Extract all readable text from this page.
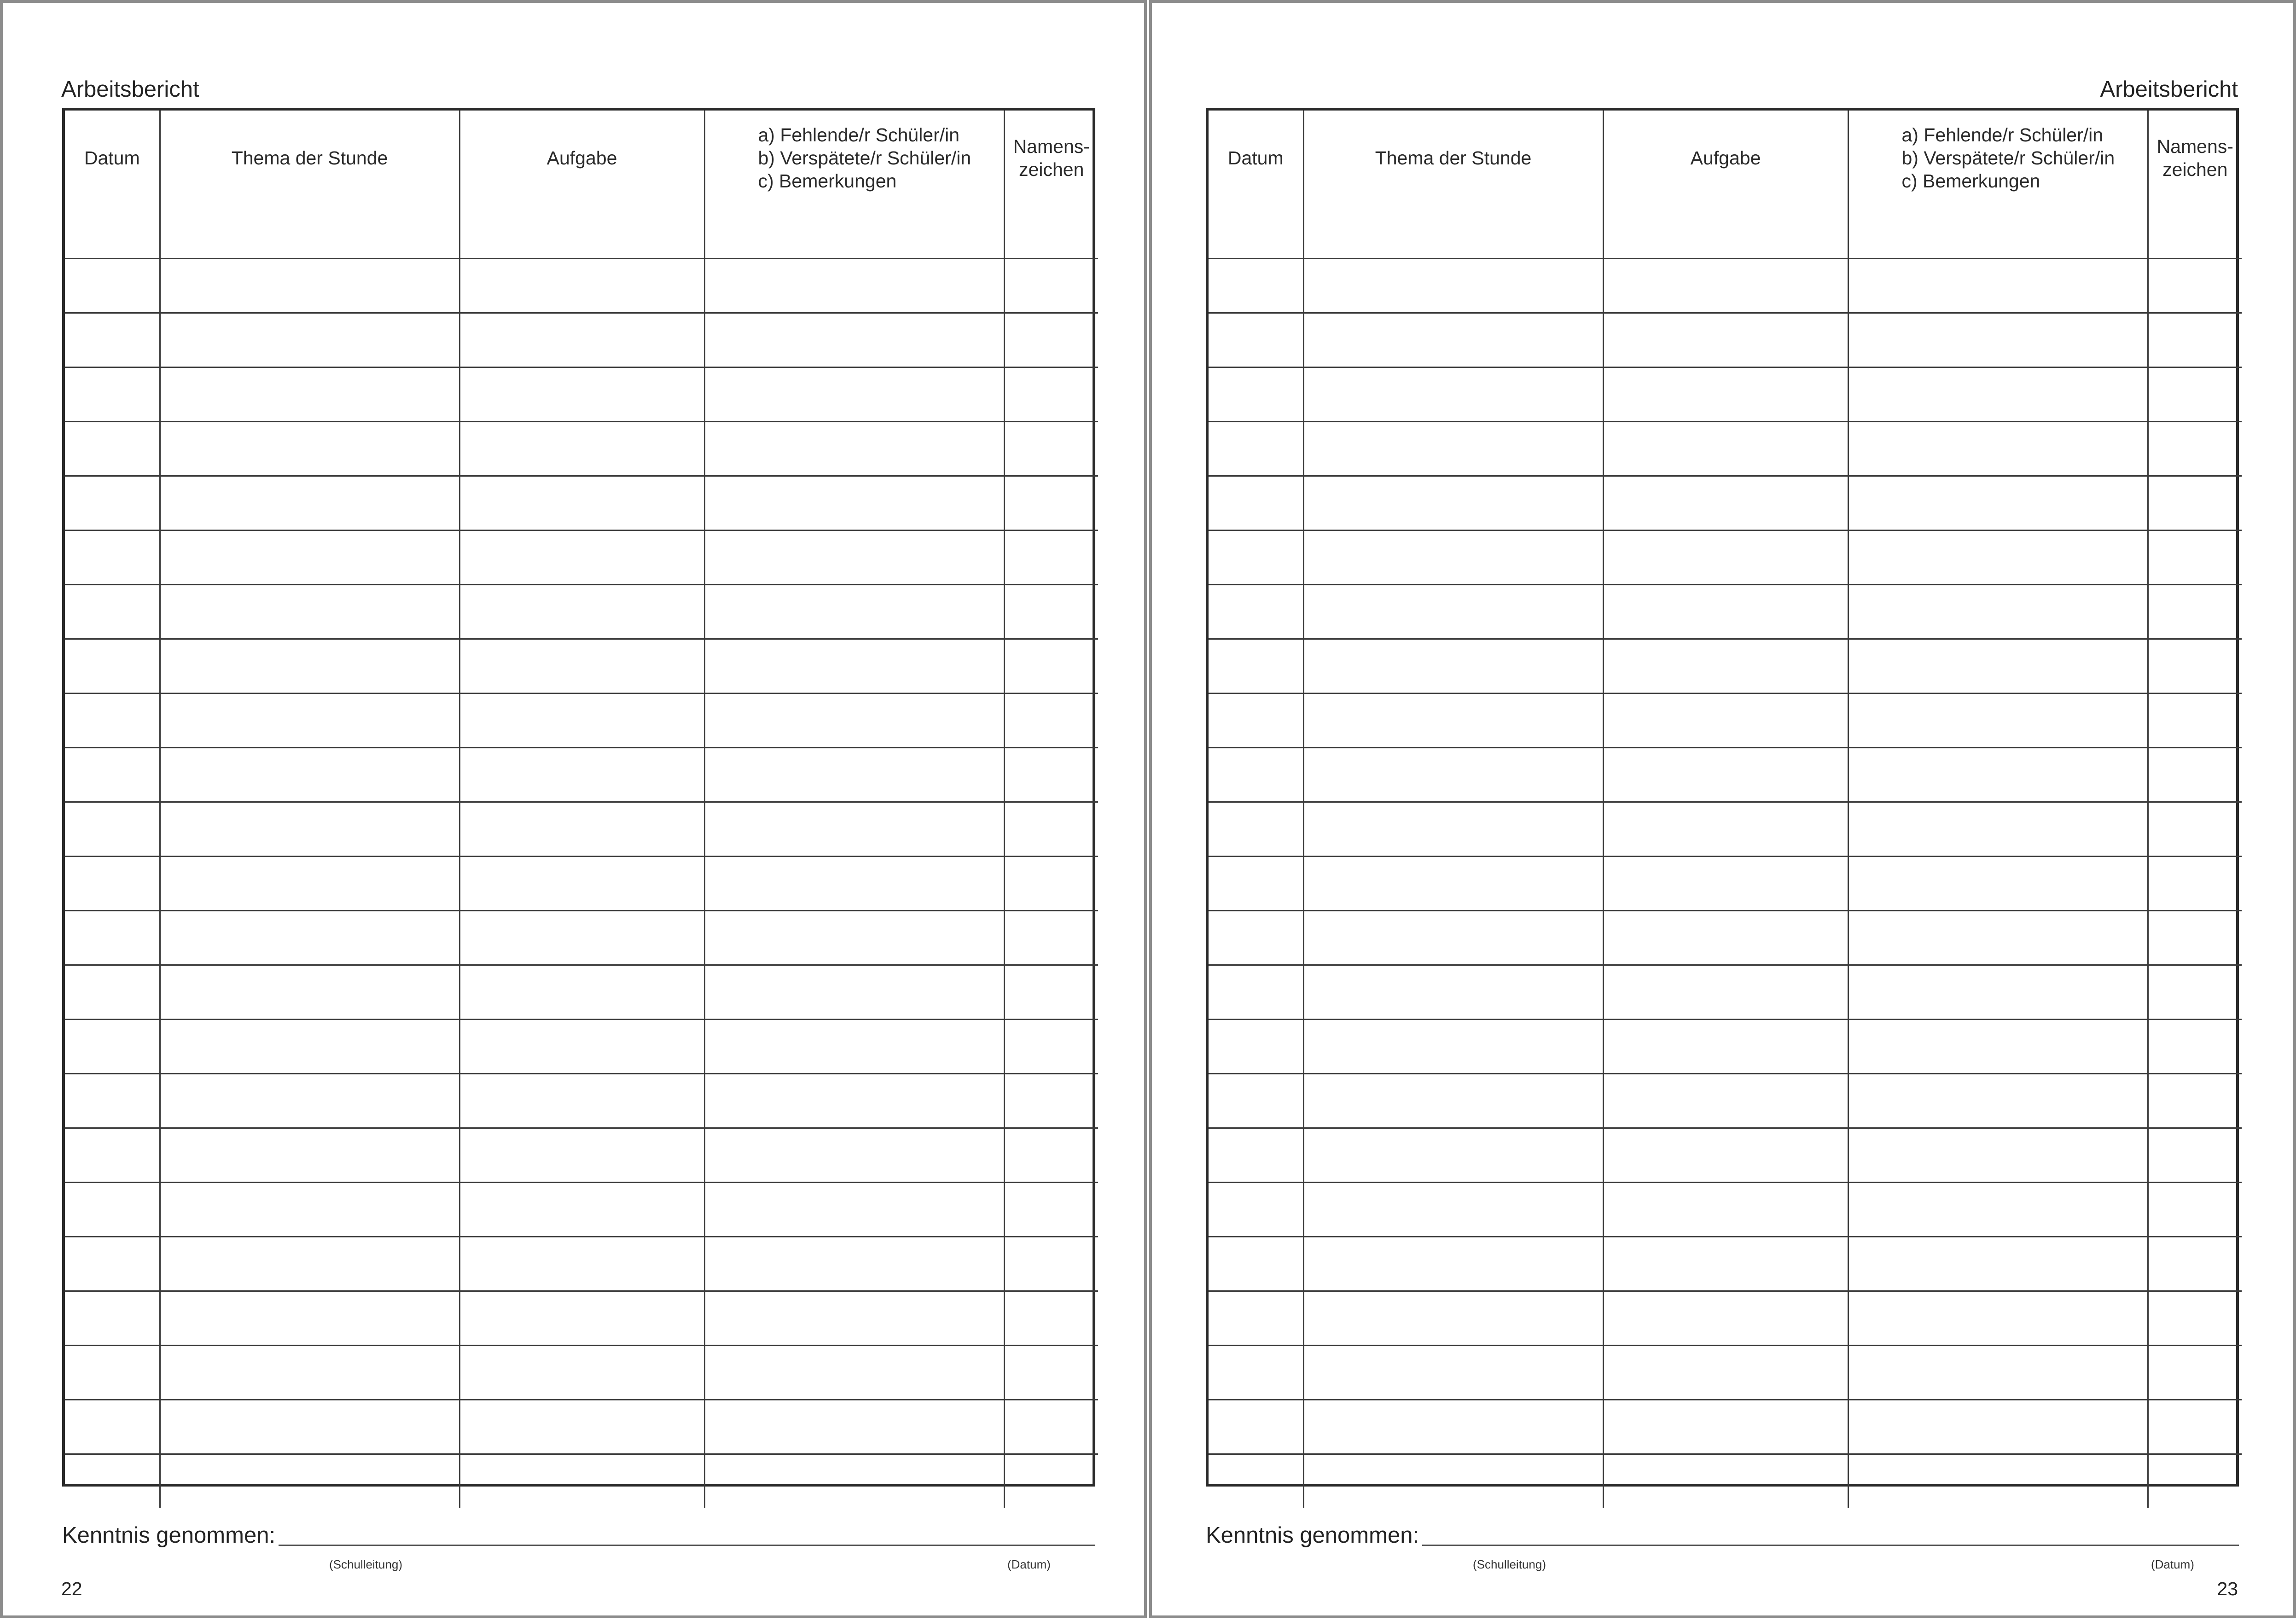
Arbeitsbericht
Datum	Thema der Stunde	Aufgabe	a) Fehlende/r Schüler/in
b) Verspätete/r Schüler/in
c) Bemerkungen	Namens-
zeichen

Kenntnis genommen:
(Schulleitung)	(Datum)
22
Arbeitsbericht
Datum	Thema der Stunde	Aufgabe	a) Fehlende/r Schüler/in
b) Verspätete/r Schüler/in
c) Bemerkungen	Namens-
zeichen

Kenntnis genommen:
(Schulleitung)	(Datum)
23
